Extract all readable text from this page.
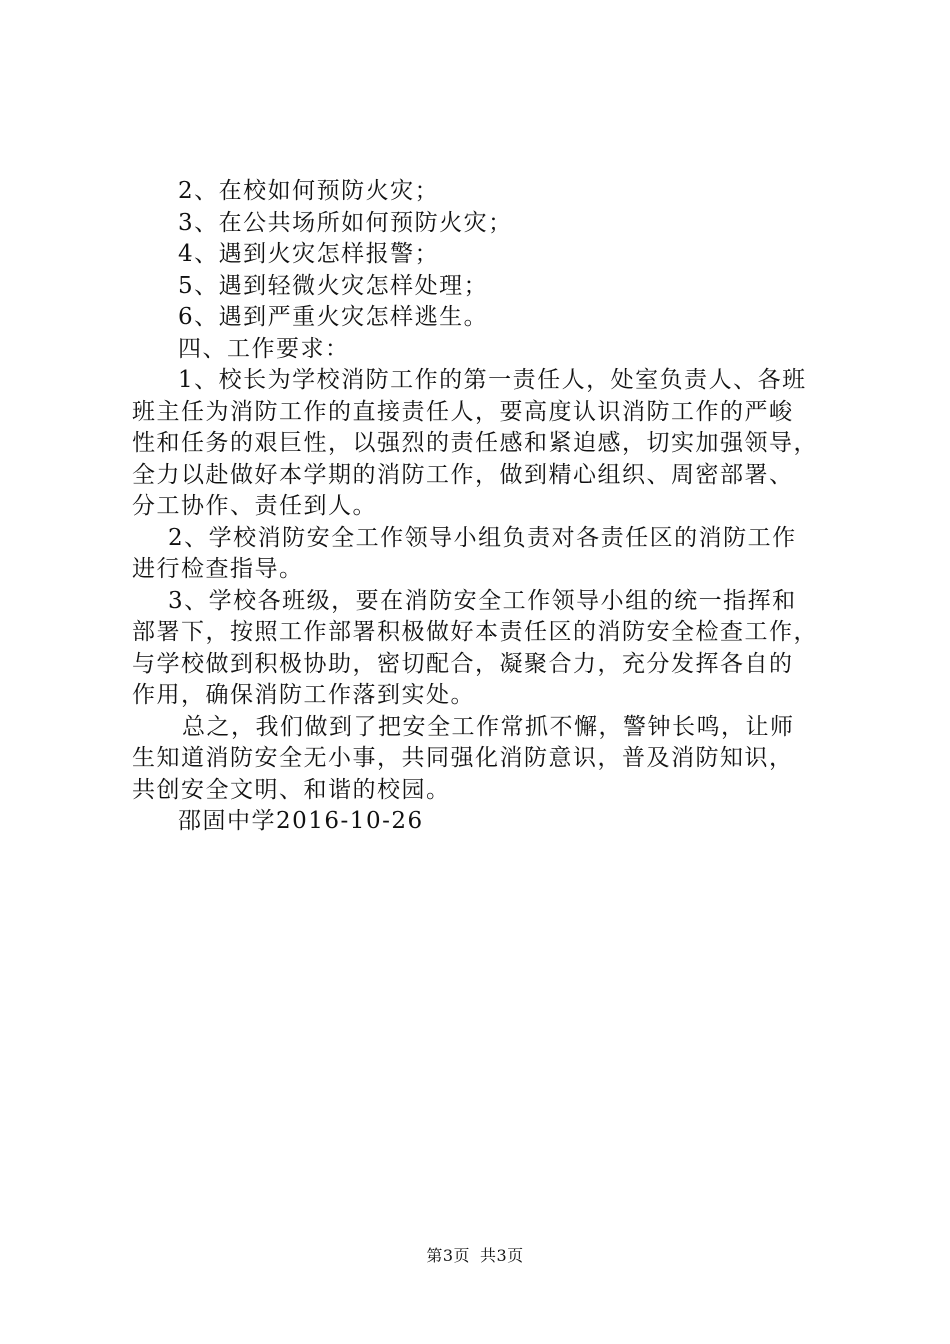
2、在校如何预防火灾；
3、在公共场所如何预防火灾；
4、遇到火灾怎样报警；
5、遇到轻微火灾怎样处理；
6、遇到严重火灾怎样逃生。
四、工作要求：
1、校长为学校消防工作的第一责任人，处室负责人、各班
班主任为消防工作的直接责任人，要高度认识消防工作的严峻
性和任务的艰巨性，以强烈的责任感和紧迫感，切实加强领导，
全力以赴做好本学期的消防工作，做到精心组织、周密部署、
分工协作、责任到人。
2、学校消防安全工作领导小组负责对各责任区的消防工作
进行检查指导。
3、学校各班级，要在消防安全工作领导小组的统一指挥和
部署下，按照工作部署积极做好本责任区的消防安全检查工作，
与学校做到积极协助，密切配合，凝聚合力，充分发挥各自的
作用，确保消防工作落到实处。
总之，我们做到了把安全工作常抓不懈，警钟长鸣，让师
生知道消防安全无小事，共同强化消防意识，普及消防知识，
共创安全文明、和谐的校园。
邵固中学2016-10-26
第3页 共3页
